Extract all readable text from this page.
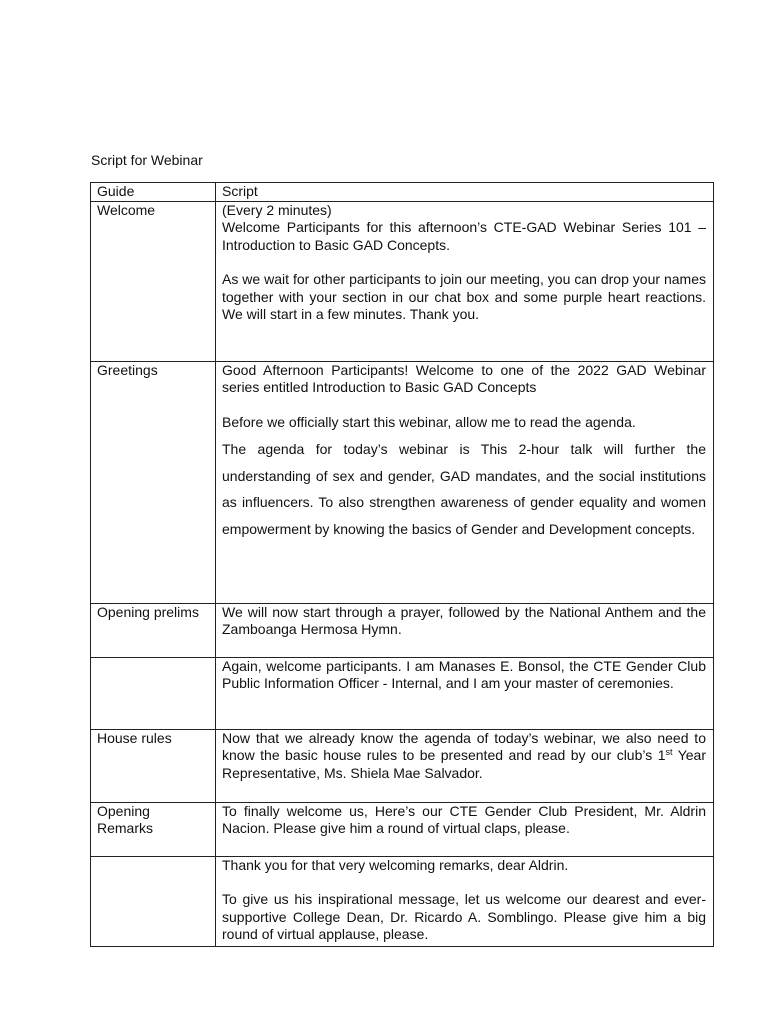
Script for Webinar
Guide	Script
Welcome	(Every 2 minutes)

Welcome Participants for this afternoon’s CTE-GAD Webinar Series 101 – Introduction to Basic GAD Concepts.

As we wait for other participants to join our meeting, you can drop your names together with your section in our chat box and some purple heart reactions. We will start in a few minutes. Thank you.

Greetings	Good Afternoon Participants! Welcome to one of the 2022 GAD Webinar series entitled Introduction to Basic GAD Concepts

Before we officially start this webinar, allow me to read the agenda.

The agenda for today’s webinar is This 2-hour talk will further the understanding of sex and gender, GAD mandates, and the social institutions as influencers. To also strengthen awareness of gender equality and women empowerment by knowing the basics of Gender and Development concepts.

Opening prelims	We will now start through a prayer, followed by the National Anthem and the Zamboanga Hermosa Hymn.

	Again, welcome participants. I am Manases E. Bonsol, the CTE Gender Club Public Information Officer - Internal, and I am your master of ceremonies.

House rules	Now that we already know the agenda of today’s webinar, we also need to know the basic house rules to be presented and read by our club’s 1st Year Representative, Ms. Shiela Mae Salvador.

Opening Remarks	To finally welcome us, Here’s our CTE Gender Club President, Mr. Aldrin Nacion. Please give him a round of virtual claps, please.

	Thank you for that very welcoming remarks, dear Aldrin.

To give us his inspirational message, let us welcome our dearest and ever-supportive College Dean, Dr. Ricardo A. Somblingo. Please give him a big round of virtual applause, please.
